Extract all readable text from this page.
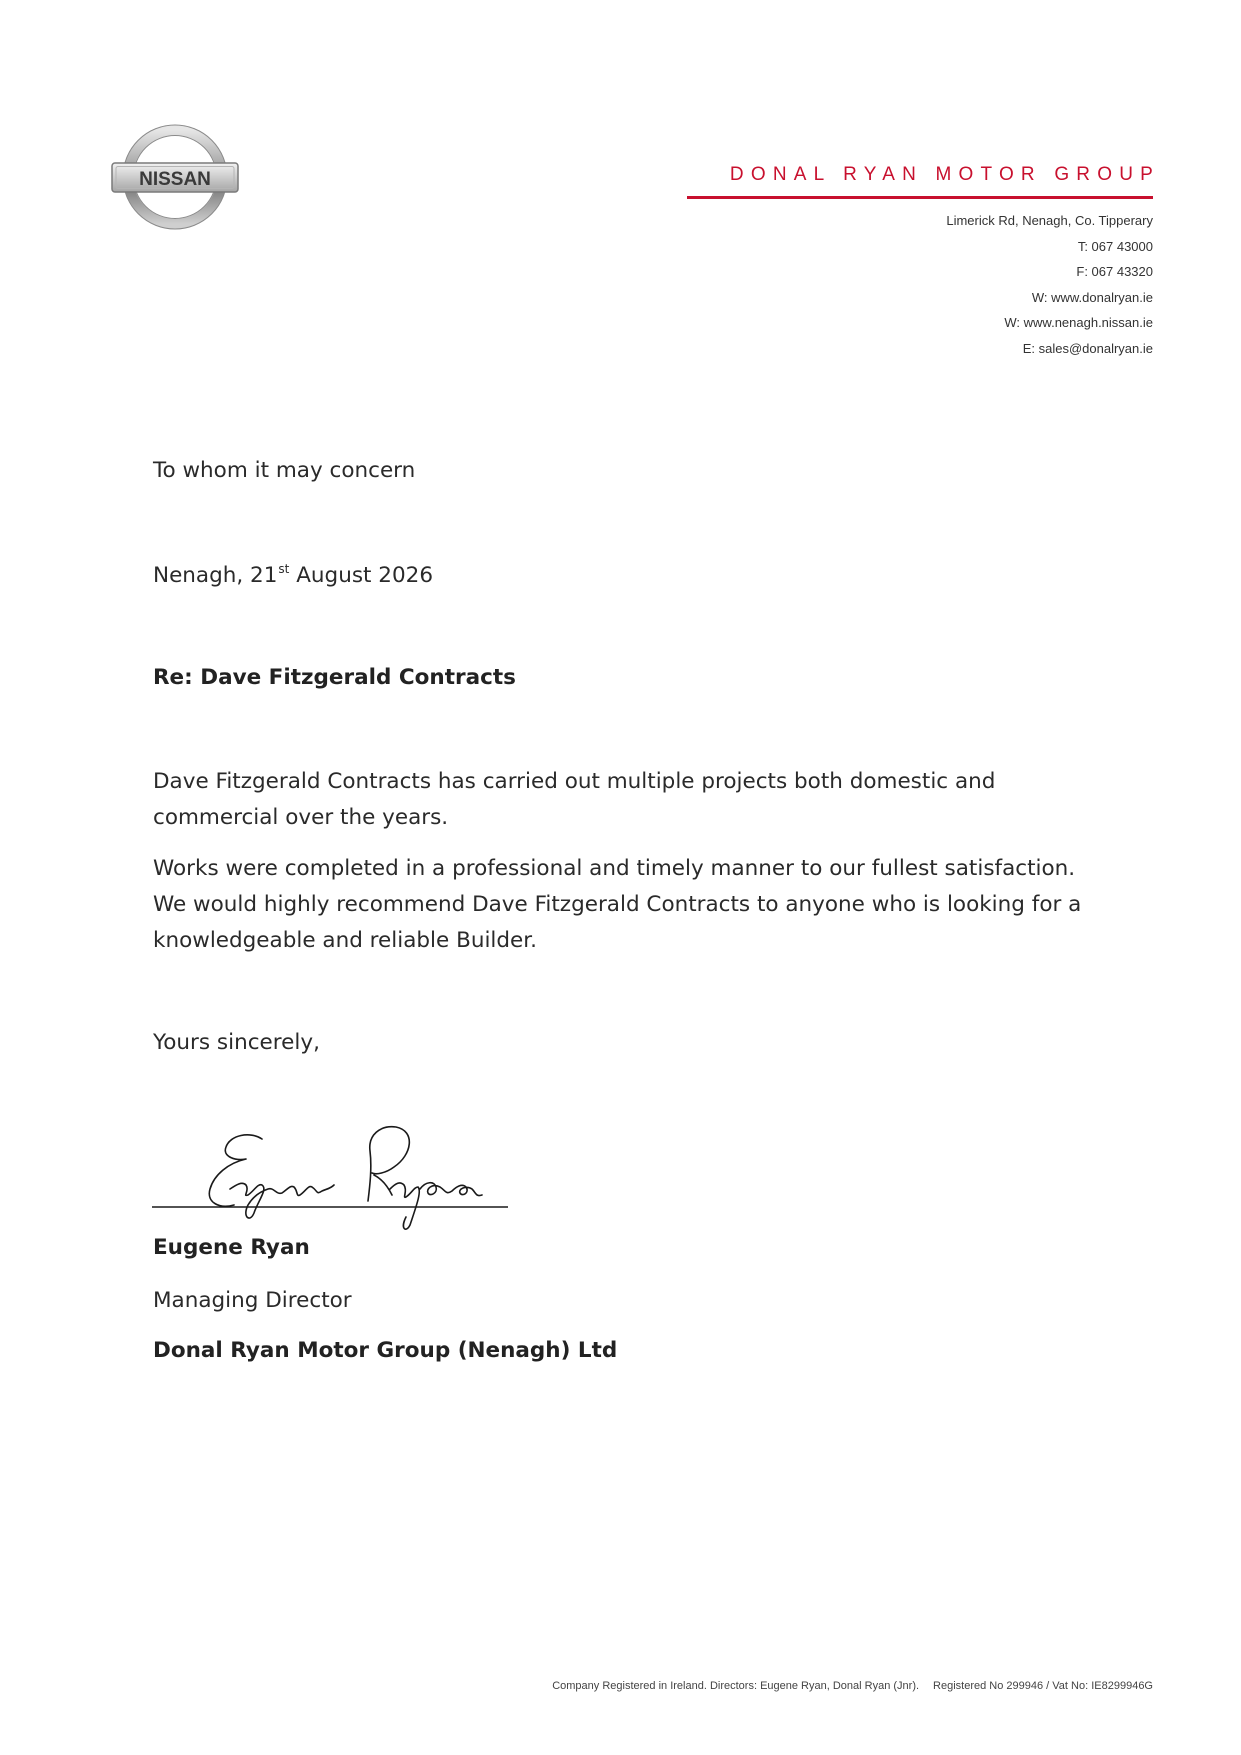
NISSAN	DONAL RYAN MOTOR GROUP
Limerick Rd, Nenagh, Co. Tipperary
T: 067 43000
F: 067 43320
W: www.donalryan.ie
W: www.nenagh.nissan.ie
E: sales@donalryan.ie
To whom it may concern
Nenagh, 21st August 2026
Re: Dave Fitzgerald Contracts
Dave Fitzgerald Contracts has carried out multiple projects both domestic and commercial over the years.
Works were completed in a professional and timely manner to our fullest satisfaction. We would highly recommend Dave Fitzgerald Contracts to anyone who is looking for a knowledgeable and reliable Builder.
Yours sincerely,
Eugene Ryan
Managing Director
Donal Ryan Motor Group (Nenagh) Ltd
Company Registered in Ireland. Directors: Eugene Ryan, Donal Ryan (Jnr). Registered No 299946 / Vat No: IE8299946G
